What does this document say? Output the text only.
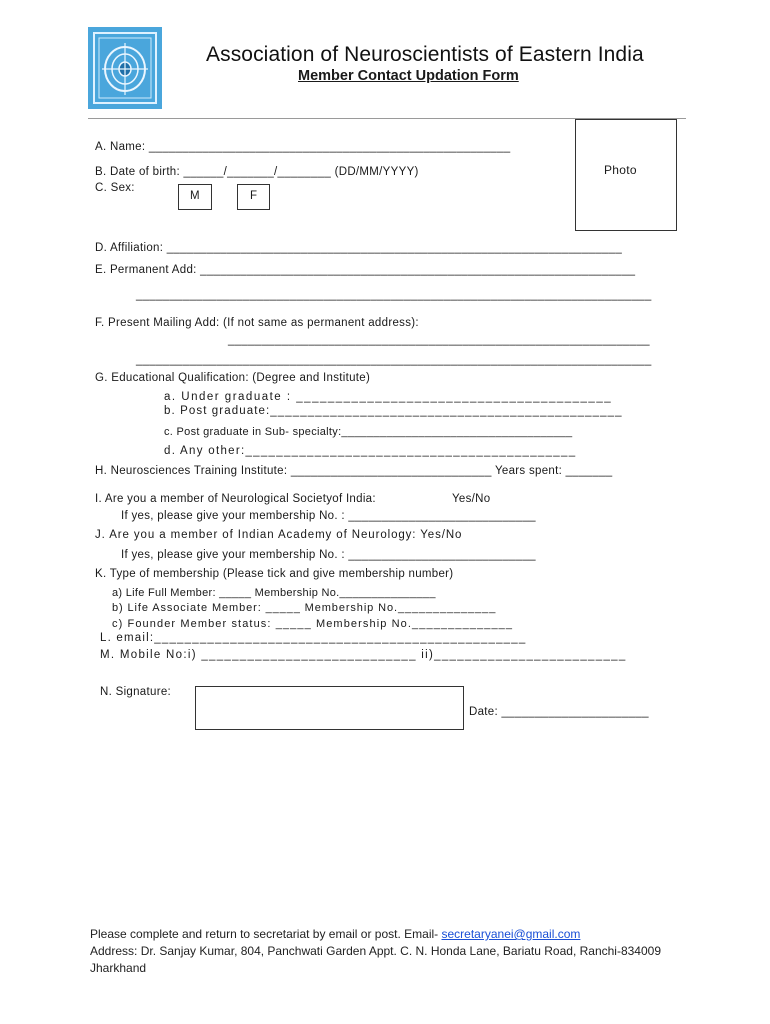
Association of Neuroscientists of Eastern India
Member Contact Updation Form
Photo
A. Name: ______________________________________________________
B. Date of birth: ______/_______/________ (DD/MM/YYYY)
C. Sex:
M	F
D. Affiliation: ____________________________________________________________________
E. Permanent Add: _________________________________________________________________
_____________________________________________________________________________
F. Present Mailing Add: (If not same as permanent address):
_______________________________________________________________
_____________________________________________________________________________
G. Educational Qualification: (Degree and Institute)
a. Under graduate : ________________________________________
b. Post graduate:_______________________________________________
c. Post graduate in Sub- specialty:____________________________________
d. Any other:___________________________________________
H. Neurosciences Training Institute: ______________________________ Years spent: _______
I. Are you a member of Neurological Societyof India:	Yes/No
If yes, please give your membership No. : ____________________________
J. Are you a member of Indian Academy of Neurology: Yes/No
If yes, please give your membership No. : ____________________________
K. Type of membership (Please tick and give membership number)
a) Life Full Member: _____ Membership No._______________
b) Life Associate Member: _____ Membership No.______________
c) Founder Member status: _____ Membership No.______________
L. email:_________________________________________________
M. Mobile No:i) ____________________________ ii)_________________________
N. Signature:
Date: ______________________
Please complete and return to secretariat by email or post. Email- secretaryanei@gmail.com
Address: Dr. Sanjay Kumar, 804, Panchwati Garden Appt. C. N. Honda Lane, Bariatu Road, Ranchi-834009
Jharkhand
